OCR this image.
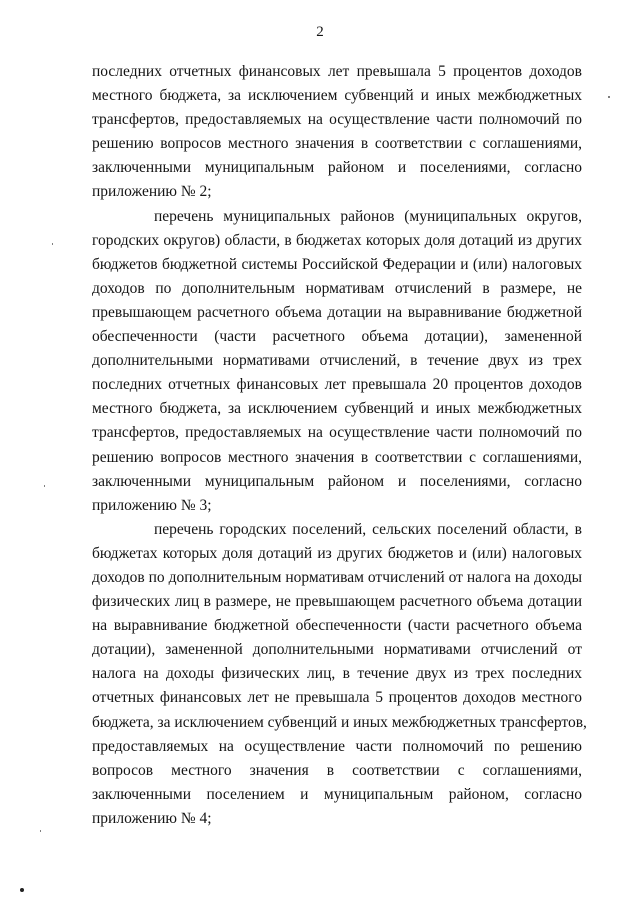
2
последних отчетных финансовых лет превышала 5 процентов доходов
местного бюджета, за исключением субвенций и иных межбюджетных
трансфертов, предоставляемых на осуществление части полномочий по
решению вопросов местного значения в соответствии с соглашениями,
заключенными муниципальным районом и поселениями, согласно
приложению № 2;
перечень муниципальных районов (муниципальных округов,
городских округов) области, в бюджетах которых доля дотаций из других
бюджетов бюджетной системы Российской Федерации и (или) налоговых
доходов по дополнительным нормативам отчислений в размере, не
превышающем расчетного объема дотации на выравнивание бюджетной
обеспеченности (части расчетного объема дотации), замененной
дополнительными нормативами отчислений, в течение двух из трех
последних отчетных финансовых лет превышала 20 процентов доходов
местного бюджета, за исключением субвенций и иных межбюджетных
трансфертов, предоставляемых на осуществление части полномочий по
решению вопросов местного значения в соответствии с соглашениями,
заключенными муниципальным районом и поселениями, согласно
приложению № 3;
перечень городских поселений, сельских поселений области, в
бюджетах которых доля дотаций из других бюджетов и (или) налоговых
доходов по дополнительным нормативам отчислений от налога на доходы
физических лиц в размере, не превышающем расчетного объема дотации
на выравнивание бюджетной обеспеченности (части расчетного объема
дотации), замененной дополнительными нормативами отчислений от
налога на доходы физических лиц, в течение двух из трех последних
отчетных финансовых лет не превышала 5 процентов доходов местного
бюджета, за исключением субвенций и иных межбюджетных трансфертов,
предоставляемых на осуществление части полномочий по решению
вопросов местного значения в соответствии с соглашениями,
заключенными поселением и муниципальным районом, согласно
приложению № 4;
